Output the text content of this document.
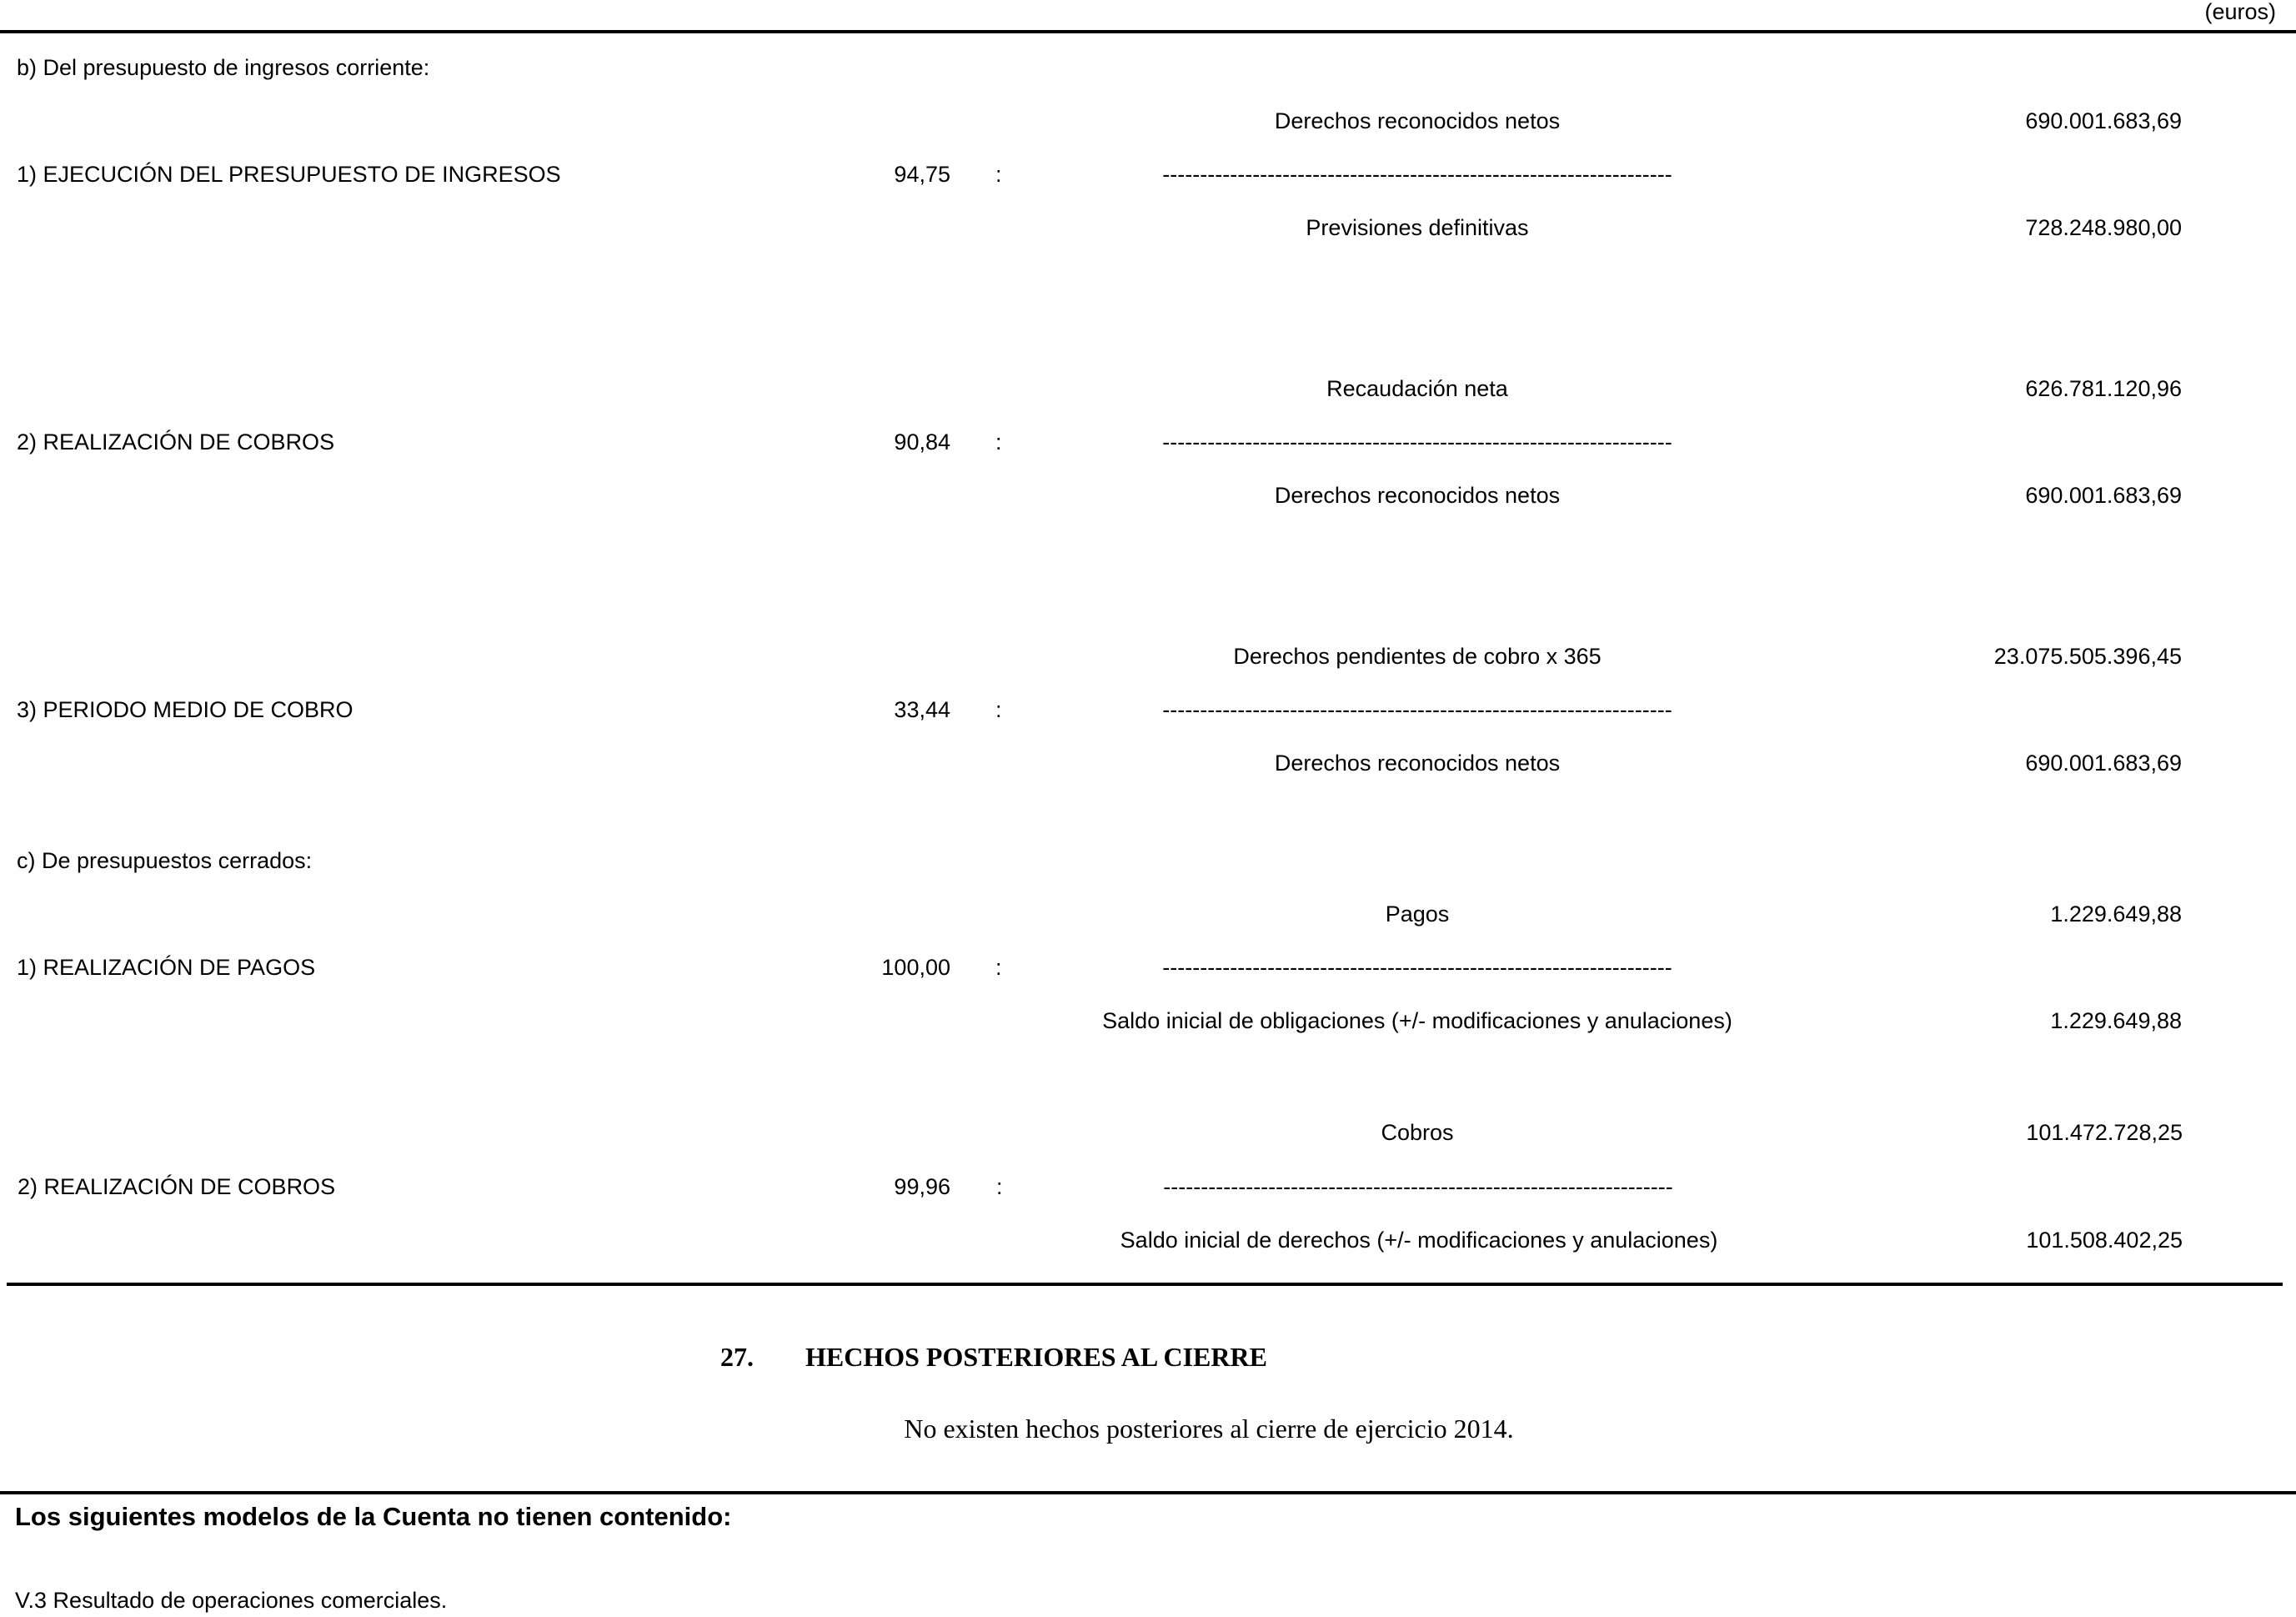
(euros)
b) Del presupuesto de ingresos corriente:
Derechos reconocidos netos	690.001.683,69
1) EJECUCIÓN DEL PRESUPUESTO DE INGRESOS	94,75 :	--------------------------------------------------------------------
Previsiones definitivas	728.248.980,00
Recaudación neta	626.781.120,96
2) REALIZACIÓN DE COBROS	90,84 :	--------------------------------------------------------------------
Derechos reconocidos netos	690.001.683,69
Derechos pendientes de cobro x 365	23.075.505.396,45
3) PERIODO MEDIO DE COBRO	33,44 :	--------------------------------------------------------------------
Derechos reconocidos netos	690.001.683,69
c) De presupuestos cerrados:
Pagos	1.229.649,88
1) REALIZACIÓN DE PAGOS	100,00 :	--------------------------------------------------------------------
Saldo inicial de obligaciones (+/- modificaciones y anulaciones)	1.229.649,88
Cobros	101.472.728,25
2) REALIZACIÓN DE COBROS	99,96 :	--------------------------------------------------------------------
Saldo inicial de derechos (+/- modificaciones y anulaciones)	101.508.402,25
27. HECHOS POSTERIORES AL CIERRE
No existen hechos posteriores al cierre de ejercicio 2014.
Los siguientes modelos de la Cuenta no tienen contenido:
V.3 Resultado de operaciones comerciales.
